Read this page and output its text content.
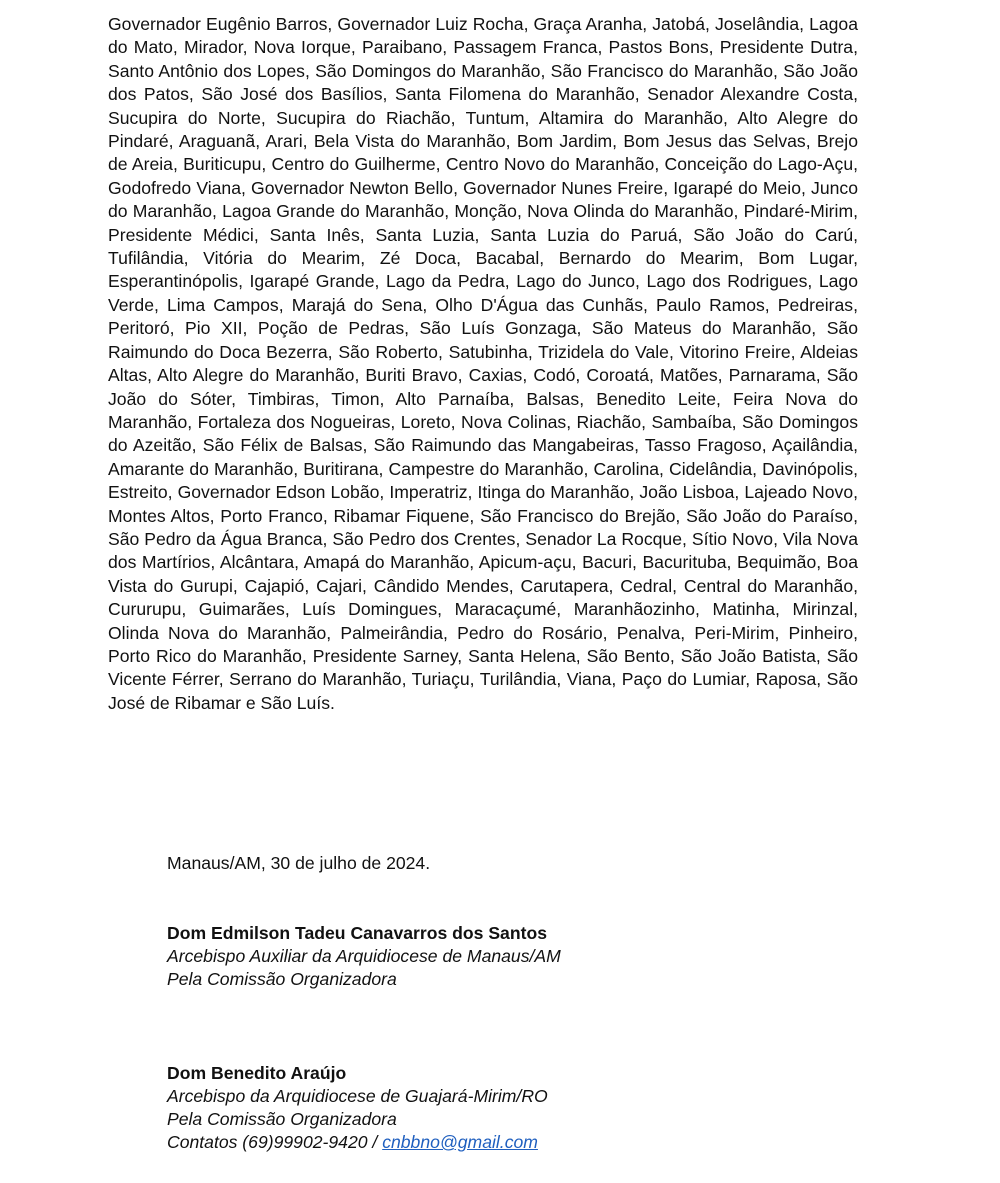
Governador Eugênio Barros, Governador Luiz Rocha, Graça Aranha, Jatobá, Joselândia, Lagoa do Mato, Mirador, Nova Iorque, Paraibano, Passagem Franca, Pastos Bons, Presidente Dutra, Santo Antônio dos Lopes, São Domingos do Maranhão, São Francisco do Maranhão, São João dos Patos, São José dos Basílios, Santa Filomena do Maranhão, Senador Alexandre Costa, Sucupira do Norte, Sucupira do Riachão, Tuntum, Altamira do Maranhão, Alto Alegre do Pindaré, Araguanã, Arari, Bela Vista do Maranhão, Bom Jardim, Bom Jesus das Selvas, Brejo de Areia, Buriticupu, Centro do Guilherme, Centro Novo do Maranhão, Conceição do Lago-Açu, Godofredo Viana, Governador Newton Bello, Governador Nunes Freire, Igarapé do Meio, Junco do Maranhão, Lagoa Grande do Maranhão, Monção, Nova Olinda do Maranhão, Pindaré-Mirim, Presidente Médici, Santa Inês, Santa Luzia, Santa Luzia do Paruá, São João do Carú, Tufilândia, Vitória do Mearim, Zé Doca, Bacabal, Bernardo do Mearim, Bom Lugar, Esperantinópolis, Igarapé Grande, Lago da Pedra, Lago do Junco, Lago dos Rodrigues, Lago Verde, Lima Campos, Marajá do Sena, Olho D'Água das Cunhãs, Paulo Ramos, Pedreiras, Peritoró, Pio XII, Poção de Pedras, São Luís Gonzaga, São Mateus do Maranhão, São Raimundo do Doca Bezerra, São Roberto, Satubinha, Trizidela do Vale, Vitorino Freire, Aldeias Altas, Alto Alegre do Maranhão, Buriti Bravo, Caxias, Codó, Coroatá, Matões, Parnarama, São João do Sóter, Timbiras, Timon, Alto Parnaíba, Balsas, Benedito Leite, Feira Nova do Maranhão, Fortaleza dos Nogueiras, Loreto, Nova Colinas, Riachão, Sambaíba, São Domingos do Azeitão, São Félix de Balsas, São Raimundo das Mangabeiras, Tasso Fragoso, Açailândia, Amarante do Maranhão, Buritirana, Campestre do Maranhão, Carolina, Cidelândia, Davinópolis, Estreito, Governador Edson Lobão, Imperatriz, Itinga do Maranhão, João Lisboa, Lajeado Novo, Montes Altos, Porto Franco, Ribamar Fiquene, São Francisco do Brejão, São João do Paraíso, São Pedro da Água Branca, São Pedro dos Crentes, Senador La Rocque, Sítio Novo, Vila Nova dos Martírios, Alcântara, Amapá do Maranhão, Apicum-açu, Bacuri, Bacurituba, Bequimão, Boa Vista do Gurupi, Cajapió, Cajari, Cândido Mendes, Carutapera, Cedral, Central do Maranhão, Cururupu, Guimarães, Luís Domingues, Maracaçumé, Maranhãozinho, Matinha, Mirinzal, Olinda Nova do Maranhão, Palmeirândia, Pedro do Rosário, Penalva, Peri-Mirim, Pinheiro, Porto Rico do Maranhão, Presidente Sarney, Santa Helena, São Bento, São João Batista, São Vicente Férrer, Serrano do Maranhão, Turiaçu, Turilândia, Viana, Paço do Lumiar, Raposa, São José de Ribamar e São Luís.

Manaus/AM, 30 de julho de 2024.

Dom Edmilson Tadeu Canavarros dos Santos
Arcebispo Auxiliar da Arquidiocese de Manaus/AM
Pela Comissão Organizadora
Dom Benedito Araújo
Arcebispo da Arquidiocese de Guajará-Mirim/RO
Pela Comissão Organizadora
Contatos (69)99902-9420 / cnbbno@gmail.com
